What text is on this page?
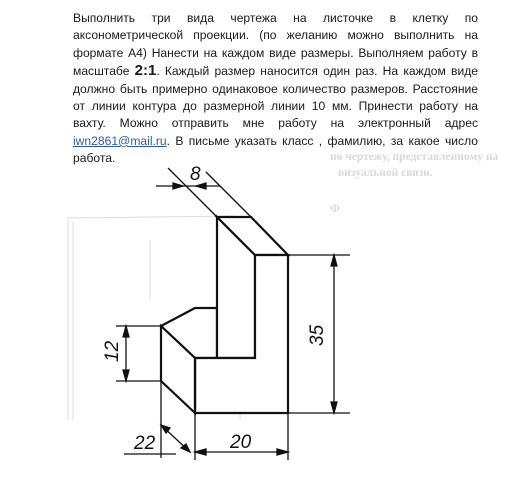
Выполнить три вида чертежа на листочке в клетку по аксонометрической проекции. (по желанию можно выполнить на формате А4) Нанести на каждом виде размеры. Выполняем работу в масштабе 2:1. Каждый размер наносится один раз. На каждом виде должно быть примерно одинаковое количество размеров. Расстояние от линии контура до размерной линии 10 мм. Принести работу на вахту. Можно отправить мне работу на электронный адрес iwn2861@mail.ru. В письме указать класс , фамилию, за какое число работа.	по чертежу, представленному на
визуальной связи.
Ф
8
35
12
22	20
